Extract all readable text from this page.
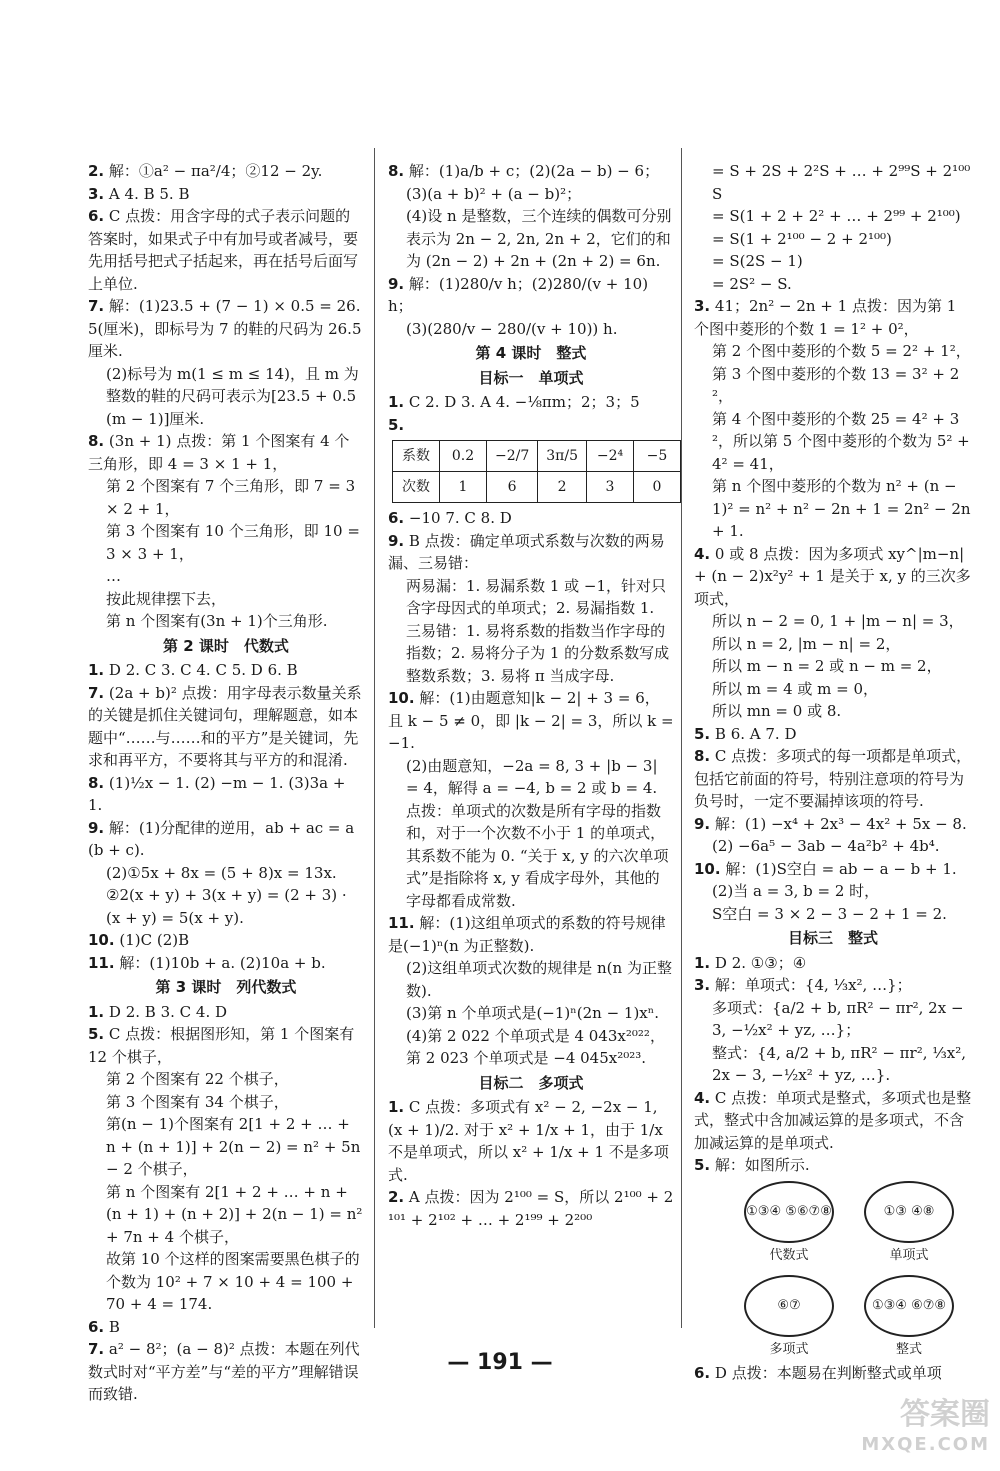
2. 解：①a² − πa²/4；②12 − 2y.
3. A 4. B 5. B
6. C 点拨：用含字母的式子表示问题的答案时，如果式子中有加号或者减号，要先用括号把式子括起来，再在括号后面写上单位.
7. 解：(1)23.5 + (7 − 1) × 0.5 = 26.5(厘米)，即标号为 7 的鞋的尺码为 26.5 厘米.
(2)标号为 m(1 ≤ m ≤ 14)，且 m 为整数的鞋的尺码可表示为[23.5 + 0.5(m − 1)]厘米.
8. (3n + 1) 点拨：第 1 个图案有 4 个三角形，即 4 = 3 × 1 + 1，
第 2 个图案有 7 个三角形，即 7 = 3 × 2 + 1，
第 3 个图案有 10 个三角形，即 10 = 3 × 3 + 1，
…
按此规律摆下去，
第 n 个图案有(3n + 1)个三角形.
第 2 课时　代数式
1. D 2. C 3. C 4. C 5. D 6. B
7. (2a + b)² 点拨：用字母表示数量关系的关键是抓住关键词句，理解题意，如本题中“……与……和的平方”是关键词，先求和再平方，不要将其与平方的和混淆.
8. (1)½x − 1. (2) −m − 1. (3)3a + 1.
9. 解：(1)分配律的逆用，ab + ac = a(b + c).
(2)①5x + 8x = (5 + 8)x = 13x.
②2(x + y) + 3(x + y) = (2 + 3) · (x + y) = 5(x + y).
10. (1)C (2)B
11. 解：(1)10b + a. (2)10a + b.
第 3 课时　列代数式
1. D 2. B 3. C 4. D
5. C 点拨：根据图形知，第 1 个图案有 12 个棋子，
第 2 个图案有 22 个棋子，
第 3 个图案有 34 个棋子，
第(n − 1)个图案有 2[1 + 2 + … + n + (n + 1)] + 2(n − 2) = n² + 5n − 2 个棋子，
第 n 个图案有 2[1 + 2 + … + n + (n + 1) + (n + 2)] + 2(n − 1) = n² + 7n + 4 个棋子，
故第 10 个这样的图案需要黑色棋子的个数为 10² + 7 × 10 + 4 = 100 + 70 + 4 = 174.
6. B
7. a² − 8²；(a − 8)² 点拨：本题在列代数式时对“平方差”与“差的平方”理解错误而致错.
8. 解：(1)a/b + c；(2)(2a − b) − 6；
(3)(a + b)² + (a − b)²；
(4)设 n 是整数，三个连续的偶数可分别表示为 2n − 2, 2n, 2n + 2，它们的和为 (2n − 2) + 2n + (2n + 2) = 6n.
9. 解：(1)280/v h；(2)280/(v + 10) h；
(3)(280/v − 280/(v + 10)) h.
第 4 课时　整式
目标一　单项式
1. C 2. D 3. A 4. −⅛πm；2；3；5
5.
系数	0.2	−2/7	3π/5	−2⁴	−5
次数	1	6	2	3	0
6. −10 7. C 8. D
9. B 点拨：确定单项式系数与次数的两易漏、三易错：
两易漏：1. 易漏系数 1 或 −1，针对只含字母因式的单项式；2. 易漏指数 1.
三易错：1. 易将系数的指数当作字母的指数；2. 易将分子为 1 的分数系数写成整数系数；3. 易将 π 当成字母.
10. 解：(1)由题意知|k − 2| + 3 = 6，且 k − 5 ≠ 0，即 |k − 2| = 3，所以 k = −1.
(2)由题意知，−2a = 8, 3 + |b − 3| = 4，解得 a = −4, b = 2 或 b = 4.
点拨：单项式的次数是所有字母的指数和，对于一个次数不小于 1 的单项式，其系数不能为 0. “关于 x, y 的六次单项式”是指除将 x, y 看成字母外，其他的字母都看成常数.
11. 解：(1)这组单项式的系数的符号规律是(−1)ⁿ(n 为正整数).
(2)这组单项式次数的规律是 n(n 为正整数).
(3)第 n 个单项式是(−1)ⁿ(2n − 1)xⁿ.
(4)第 2 022 个单项式是 4 043x²⁰²²，第 2 023 个单项式是 −4 045x²⁰²³.
目标二　多项式
1. C 点拨：多项式有 x² − 2, −2x − 1, (x + 1)/2. 对于 x² + 1/x + 1，由于 1/x 不是单项式，所以 x² + 1/x + 1 不是多项式.
2. A 点拨：因为 2¹⁰⁰ = S，所以 2¹⁰⁰ + 2¹⁰¹ + 2¹⁰² + … + 2¹⁹⁹ + 2²⁰⁰
= S + 2S + 2²S + … + 2⁹⁹S + 2¹⁰⁰S
= S(1 + 2 + 2² + … + 2⁹⁹ + 2¹⁰⁰)
= S(1 + 2¹⁰⁰ − 2 + 2¹⁰⁰)
= S(2S − 1)
= 2S² − S.
3. 41；2n² − 2n + 1 点拨：因为第 1 个图中菱形的个数 1 = 1² + 0²，
第 2 个图中菱形的个数 5 = 2² + 1²，
第 3 个图中菱形的个数 13 = 3² + 2²，
第 4 个图中菱形的个数 25 = 4² + 3²，所以第 5 个图中菱形的个数为 5² + 4² = 41，
第 n 个图中菱形的个数为 n² + (n − 1)² = n² + n² − 2n + 1 = 2n² − 2n + 1.
4. 0 或 8 点拨：因为多项式 xy^|m−n| + (n − 2)x²y² + 1 是关于 x, y 的三次多项式，
所以 n − 2 = 0, 1 + |m − n| = 3，
所以 n = 2, |m − n| = 2，
所以 m − n = 2 或 n − m = 2，
所以 m = 4 或 m = 0，
所以 mn = 0 或 8.
5. B 6. A 7. D
8. C 点拨：多项式的每一项都是单项式，包括它前面的符号，特别注意项的符号为负号时，一定不要漏掉该项的符号.
9. 解：(1) −x⁴ + 2x³ − 4x² + 5x − 8.
(2) −6a⁵ − 3ab − 4a²b² + 4b⁴.
10. 解：(1)S空白 = ab − a − b + 1.
(2)当 a = 3, b = 2 时，
S空白 = 3 × 2 − 3 − 2 + 1 = 2.
目标三　整式
1. D 2. ①③；④
3. 解：单项式：{4, ⅓x², …}；
多项式：{a/2 + b, πR² − πr², 2x − 3, −½x² + yz, …}；
整式：{4, a/2 + b, πR² − πr², ⅓x², 2x − 3, −½x² + yz, …}.
4. C 点拨：单项式是整式，多项式也是整式，整式中含加减运算的是多项式，不含加减运算的是单项式.
5. 解：如图所示.
①③④ ⑤⑥⑦⑧
代数式
①③ ④⑧
单项式
⑥⑦
多项式
①③④ ⑥⑦⑧
整式
6. D 点拨：本题易在判断整式或单项
— 191 —
答案圈
MXQE.COM
